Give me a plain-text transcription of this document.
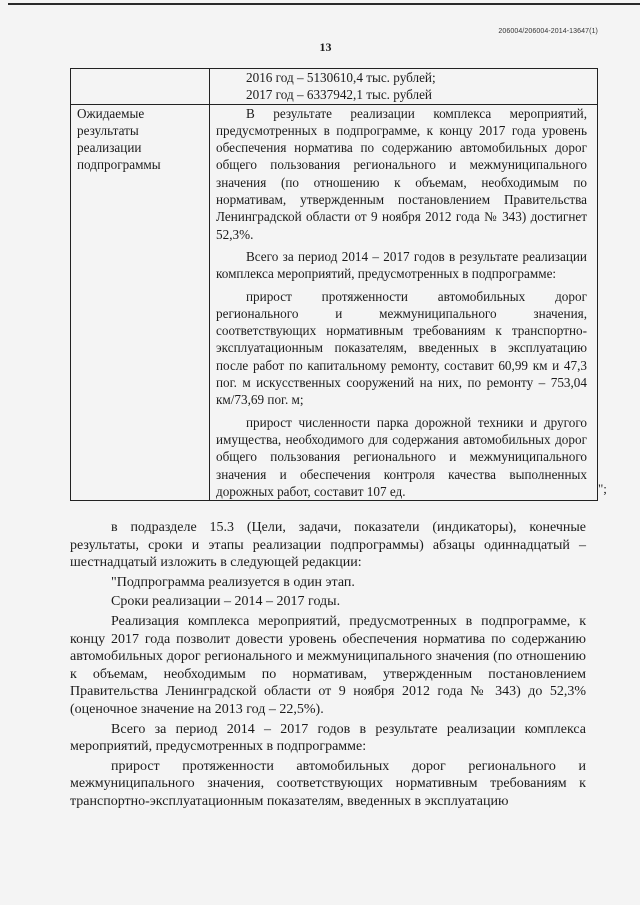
206004/206004-2014-13647(1)
13

	2016 год – 5130610,4 тыс. рублей;

2017 год – 6337942,1 тыс. рублей

Ожидаемые результаты реализации подпрограммы	В результате реализации комплекса мероприятий, предусмотренных в подпрограмме, к концу 2017 года уровень обеспечения норматива по содержанию автомобильных дорог общего пользования регионального и межмуниципального значения (по отношению к объемам, необходимым по нормативам, утвержденным постановлением Правительства Ленинградской области от 9 ноября 2012 года № 343) достигнет 52,3%.

Всего за период 2014 – 2017 годов в результате реализации комплекса мероприятий, предусмотренных в подпрограмме:

прирост протяженности автомобильных дорог регионального и межмуниципального значения, соответствующих нормативным требованиям к транспортно-эксплуатационным показателям, введенных в эксплуатацию после работ по капитальному ремонту, составит 60,99 км и 47,3 пог. м искусственных сооружений на них, по ремонту – 753,04 км/73,69 пог. м;

прирост численности парка дорожной техники и другого имущества, необходимого для содержания автомобильных дорог общего пользования регионального и межмуниципального значения и обеспечения контроля качества выполненных дорожных работ, составит 107 ед.	";

в подразделе 15.3 (Цели, задачи, показатели (индикаторы), конечные результаты, сроки и этапы реализации подпрограммы) абзацы одиннадцатый – шестнадцатый изложить в следующей редакции:

"Подпрограмма реализуется в один этап.

Сроки реализации – 2014 – 2017 годы.

Реализация комплекса мероприятий, предусмотренных в подпрограмме, к концу 2017 года позволит довести уровень обеспечения норматива по содержанию автомобильных дорог регионального и межмуниципального значения (по отношению к объемам, необходимым по нормативам, утвержденным постановлением Правительства Ленинградской области от 9 ноября 2012 года № 343) до 52,3% (оценочное значение на 2013 год – 22,5%).

Всего за период 2014 – 2017 годов в результате реализации комплекса мероприятий, предусмотренных в подпрограмме:

прирост протяженности автомобильных дорог регионального и межмуниципального значения, соответствующих нормативным требованиям к транспортно-эксплуатационным показателям, введенных в эксплуатацию
